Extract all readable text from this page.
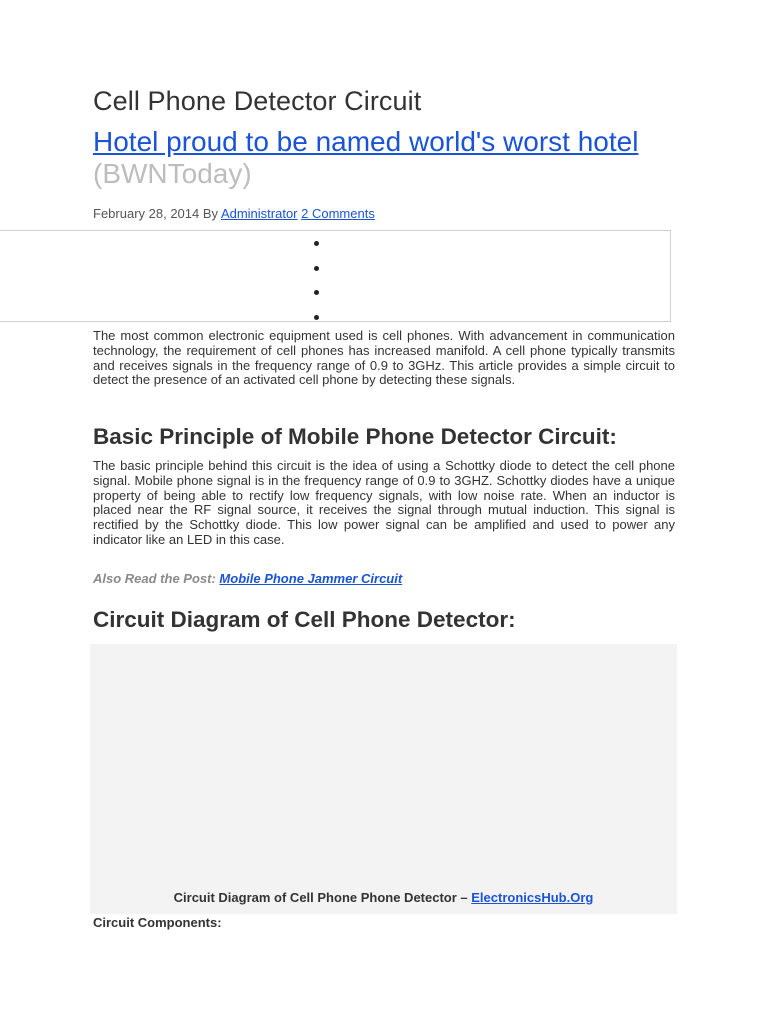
Cell Phone Detector Circuit
Hotel proud to be named world's worst hotel (BWNToday)
February 28, 2014 By Administrator 2 Comments

The most common electronic equipment used is cell phones. With advancement in communication technology, the requirement of cell phones has increased manifold. A cell phone typically transmits and receives signals in the frequency range of 0.9 to 3GHz. This article provides a simple circuit to detect the presence of an activated cell phone by detecting these signals.

Basic Principle of Mobile Phone Detector Circuit:

The basic principle behind this circuit is the idea of using a Schottky diode to detect the cell phone signal. Mobile phone signal is in the frequency range of 0.9 to 3GHZ. Schottky diodes have a unique property of being able to rectify low frequency signals, with low noise rate. When an inductor is placed near the RF signal source, it receives the signal through mutual induction. This signal is rectified by the Schottky diode. This low power signal can be amplified and used to power any indicator like an LED in this case.

Also Read the Post: Mobile Phone Jammer Circuit
Circuit Diagram of Cell Phone Detector:
Circuit Diagram of Cell Phone Phone Detector – ElectronicsHub.Org
Circuit Components:
